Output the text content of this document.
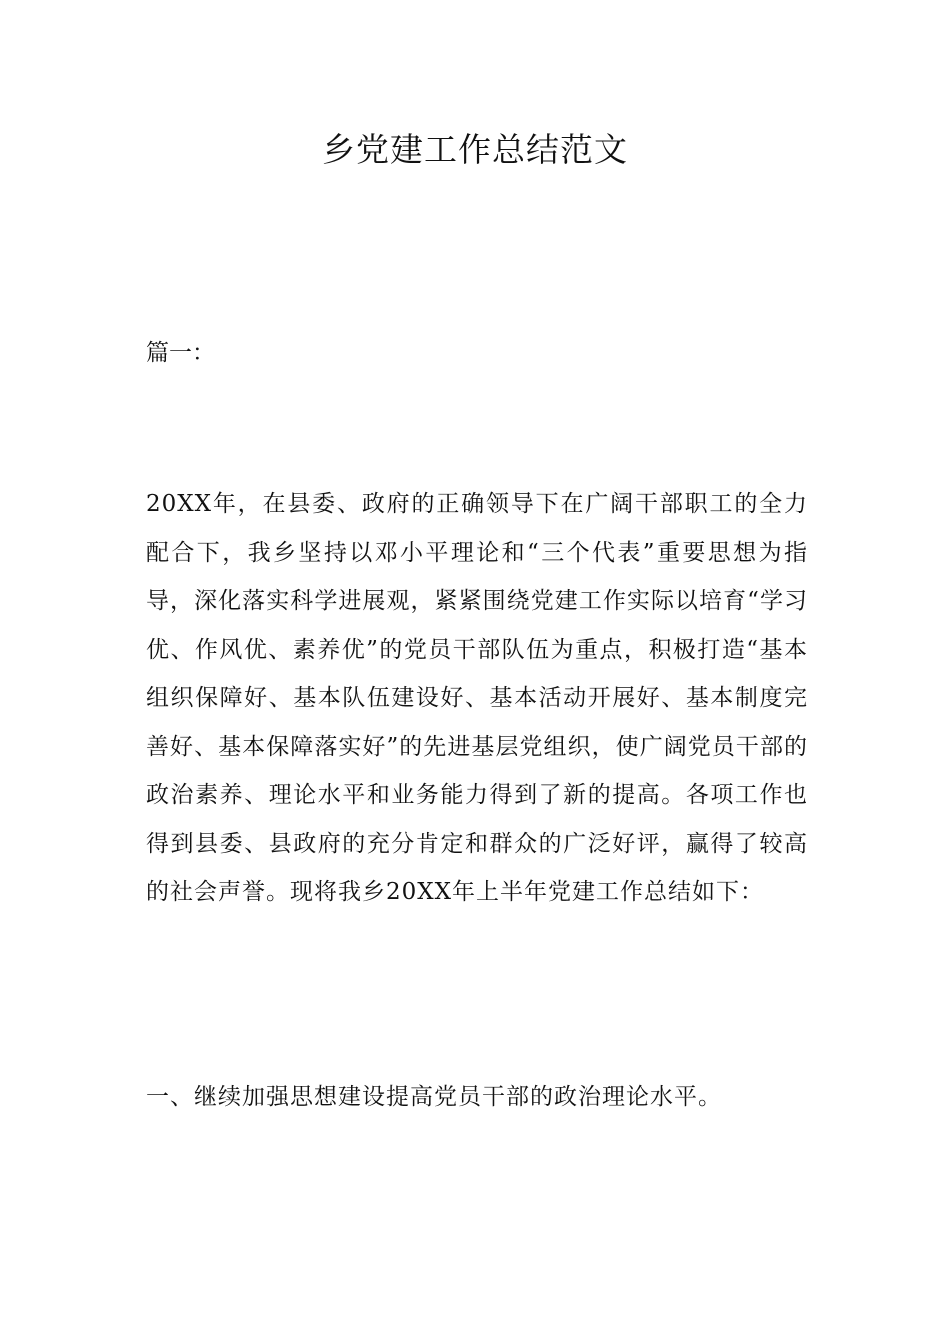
乡党建工作总结范文
篇一：
20XX年，在县委、政府的正确领导下在广阔干部职工的全力配合下，我乡坚持以邓小平理论和“三个代表”重要思想为指导，深化落实科学进展观，紧紧围绕党建工作实际以培育“学习优、作风优、素养优”的党员干部队伍为重点，积极打造“基本组织保障好、基本队伍建设好、基本活动开展好、基本制度完善好、基本保障落实好”的先进基层党组织，使广阔党员干部的政治素养、理论水平和业务能力得到了新的提高。各项工作也得到县委、县政府的充分肯定和群众的广泛好评，赢得了较高的社会声誉。现将我乡20XX年上半年党建工作总结如下：
一、继续加强思想建设提高党员干部的政治理论水平。
